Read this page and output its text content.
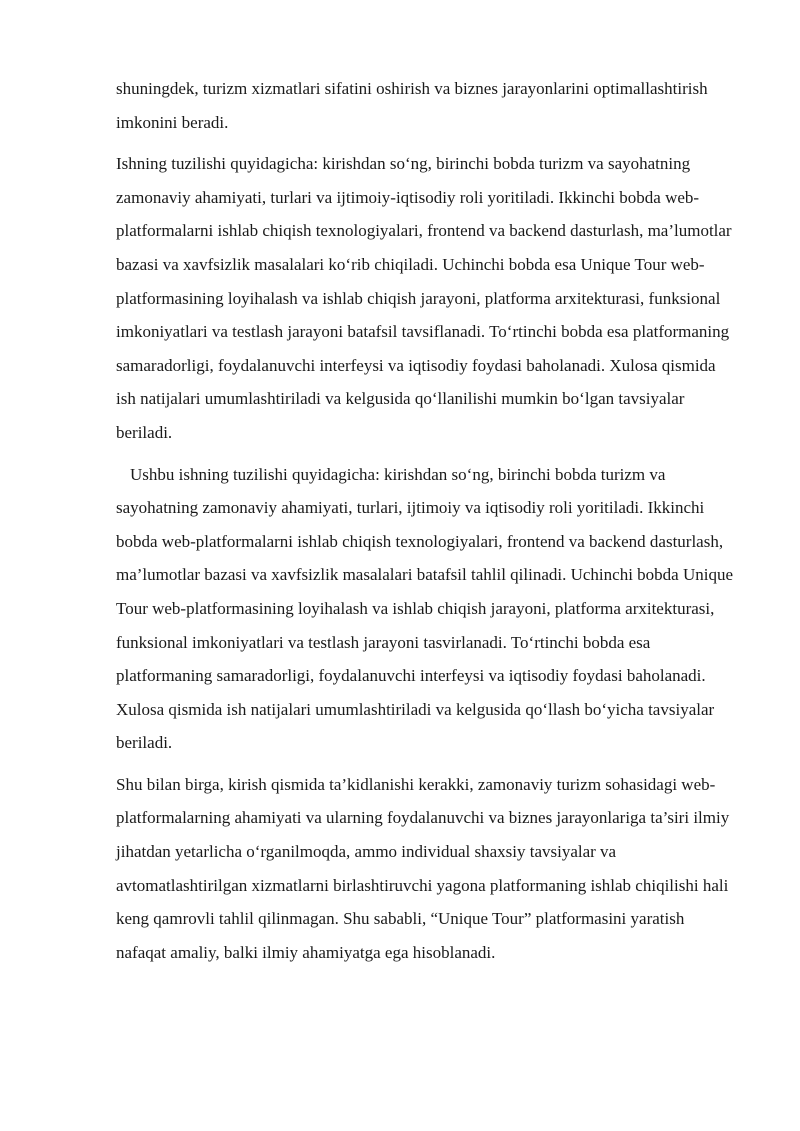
shuningdek, turizm xizmatlari sifatini oshirish va biznes jarayonlarini optimallashtirish imkonini beradi.

Ishning tuzilishi quyidagicha: kirishdan so‘ng, birinchi bobda turizm va sayohatning zamonaviy ahamiyati, turlari va ijtimoiy-iqtisodiy roli yoritiladi. Ikkinchi bobda web-platformalarni ishlab chiqish texnologiyalari, frontend va backend dasturlash, ma’lumotlar bazasi va xavfsizlik masalalari ko‘rib chiqiladi. Uchinchi bobda esa Unique Tour web-platformasining loyihalash va ishlab chiqish jarayoni, platforma arxitekturasi, funksional imkoniyatlari va testlash jarayoni batafsil tavsiflanadi. To‘rtinchi bobda esa platformaning samaradorligi, foydalanuvchi interfeysi va iqtisodiy foydasi baholanadi. Xulosa qismida ish natijalari umumlashtiriladi va kelgusida qo‘llanilishi mumkin bo‘lgan tavsiyalar beriladi.

Ushbu ishning tuzilishi quyidagicha: kirishdan so‘ng, birinchi bobda turizm va sayohatning zamonaviy ahamiyati, turlari, ijtimoiy va iqtisodiy roli yoritiladi. Ikkinchi bobda web-platformalarni ishlab chiqish texnologiyalari, frontend va backend dasturlash, ma’lumotlar bazasi va xavfsizlik masalalari batafsil tahlil qilinadi. Uchinchi bobda Unique Tour web-platformasining loyihalash va ishlab chiqish jarayoni, platforma arxitekturasi, funksional imkoniyatlari va testlash jarayoni tasvirlanadi. To‘rtinchi bobda esa platformaning samaradorligi, foydalanuvchi interfeysi va iqtisodiy foydasi baholanadi. Xulosa qismida ish natijalari umumlashtiriladi va kelgusida qo‘llash bo‘yicha tavsiyalar beriladi.

Shu bilan birga, kirish qismida ta’kidlanishi kerakki, zamonaviy turizm sohasidagi web-platformalarning ahamiyati va ularning foydalanuvchi va biznes jarayonlariga ta’siri ilmiy jihatdan yetarlicha o‘rganilmoqda, ammo individual shaxsiy tavsiyalar va avtomatlashtirilgan xizmatlarni birlashtiruvchi yagona platformaning ishlab chiqilishi hali keng qamrovli tahlil qilinmagan. Shu sababli, “Unique Tour” platformasini yaratish nafaqat amaliy, balki ilmiy ahamiyatga ega hisoblanadi.
